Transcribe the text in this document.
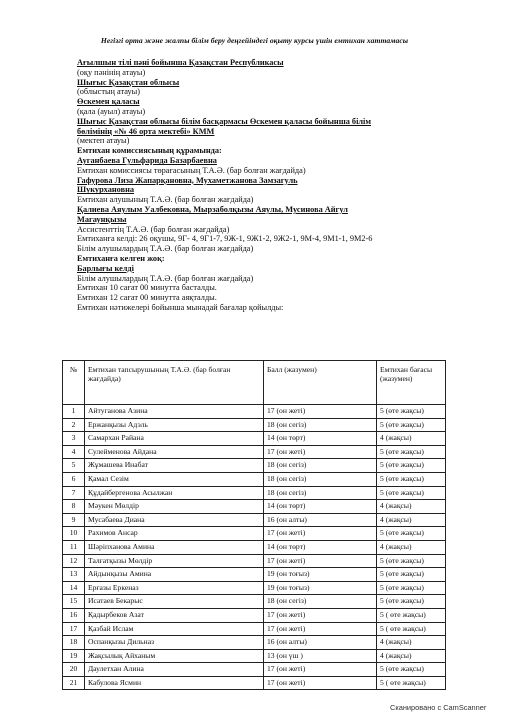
Негізгі орта және жалпы білім беру деңгейіндегі оқыту курсы үшін емтихан хаттамасы
Ағылшын тілі пәні бойынша Қазақстан Республикасы
(оқу пәнінің атауы)
Шығыс Қазақстан облысы
(облыстың атауы)
Өскемен қаласы
(қала (ауыл) атауы)
Шығыс Қазақстан облысы білім басқармасы Өскемен қаласы бойынша білім
бөлімінің «№ 46 орта мектебі» КММ
(мектеп атауы)
Емтихан комиссиясының құрамында:
Ауганбаева Гульфарида Базарбаевна
Емтихан комиссиясы төрағасының Т.А.Ә. (бар болған жағдайда)
Гафурова Лиза Жапарқановна, Мухаметжанова Замзагуль
Шукурхановна
Емтихан алушының Т.А.Ә. (бар болған жағдайда)
Қалиева Аяулым Уалбековна, Мырзаболқызы Аяулы, Мусинова Айгул
Магаунқызы
Ассистенттің Т.А.Ә. (бар болған жағдайда)
Емтиханға келді: 26 оқушы, 9Г- 4, 9Г1-7, 9Ж-1, 9Ж1-2, 9Ж2-1, 9М-4, 9М1-1, 9М2-6
Білім алушылардың Т.А.Ә. (бар болған жағдайда)
Емтиханға келген жоқ:
Барлығы келді
Білім алушылардың Т.А.Ә. (бар болған жағдайда)
Емтихан 10 сағат 00 минутта басталды.
Емтихан 12 сағат 00 минутта аяқталды.
Емтихан нәтижелері бойынша мынадай бағалар қойылды:
№	Емтихан тапсырушының Т.А.Ә. (бар болған жағдайда)	Балл (жазумен)	Емтихан бағасы (жазумен)
1	Айтуганова Азина	17 (он жеті)	5 (өте жақсы)
2	Ержанқызы Адэль	18 (он сегіз)	5 (өте жақсы)
3	Самархан Райана	14 (он төрт)	4 (жақсы)
4	Сулейменова Айдана	17 (он жеті)	5 (өте жақсы)
5	Жұмашева Инабат	18 (он сегіз)	5 (өте жақсы)
6	Қамал Сезім	18 (он сегіз)	5 (өте жақсы)
7	Құдайбергенова Асылжан	18 (он сегіз)	5 (өте жақсы)
8	Мәукен Мөлдір	14 (он төрт)	4 (жақсы)
9	Мусабаева Диана	16 (он алты)	4 (жақсы)
10	Рахимов Ансар	17 (он жеті)	5 (өте жақсы)
11	Шәріпханова Амина	14 (он төрт)	4 (жақсы)
12	Талғатқызы Мөлдір	17 (он жеті)	5 (өте жақсы)
13	Айдынқызы Амина	19 (он тоғыз)	5 (өте жақсы)
14	Ерғазы Еркеназ	19 (он тоғыз)	5 (өте жақсы)
15	Исатаев Бекарыс	18 (он сегіз)	5 (өте жақсы)
16	Қадырбеков Азат	17 (он жеті)	5 ( өте жақсы)
17	Қазбай Ислам	17 (он жеті)	5 ( өте жақсы)
18	Оспанқызы Дильназ	16 (он алты)	4 (жақсы)
19	Жақсылық Айханым	13 (он үш )	4 (жақсы)
20	Даулетхан Алина	17 (он жеті)	5 (өте жақсы)
21	Кабулова Ясмин	17 (он жеті)	5 ( өте жақсы)
Сканировано с CamScanner
